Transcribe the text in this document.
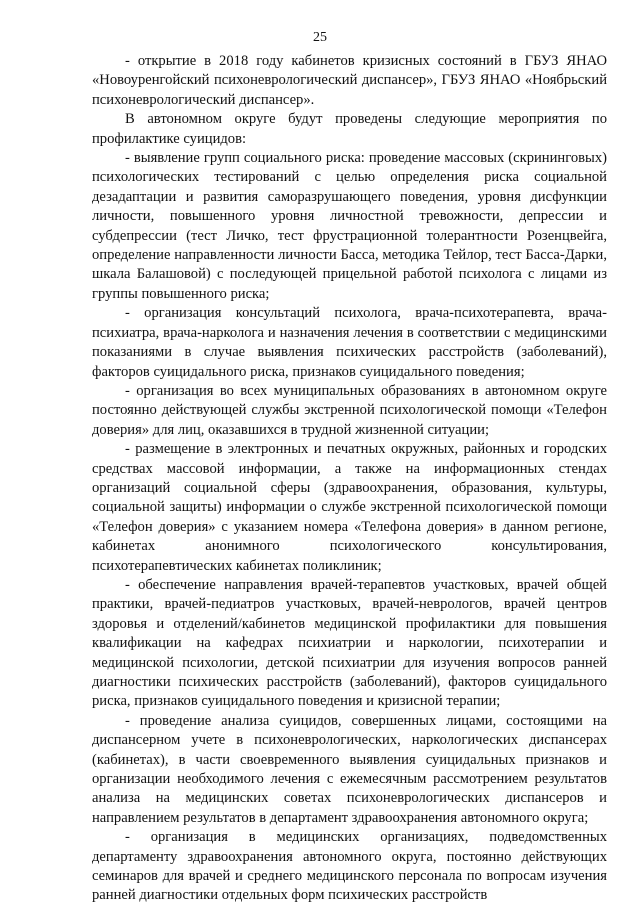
25

- открытие в 2018 году кабинетов кризисных состояний в ГБУЗ ЯНАО «Новоуренгойский психоневрологический диспансер», ГБУЗ ЯНАО «Ноябрьский психоневрологический диспансер».

В автономном округе будут проведены следующие мероприятия по профилактике суицидов:

- выявление групп социального риска: проведение массовых (скрининговых) психологических тестирований с целью определения риска социальной дезадаптации и развития саморазрушающего поведения, уровня дисфункции личности, повышенного уровня личностной тревожности, депрессии и субдепрессии (тест Личко, тест фрустрационной толерантности Розенцвейга, определение направленности личности Басса, методика Тейлор, тест Басса-Дарки, шкала Балашовой) с последующей прицельной работой психолога с лицами из группы повышенного риска;

- организация консультаций психолога, врача-психотерапевта, врача-психиатра, врача-нарколога и назначения лечения в соответствии с медицинскими показаниями в случае выявления психических расстройств (заболеваний), факторов суицидального риска, признаков суицидального поведения;

- организация во всех муниципальных образованиях в автономном округе постоянно действующей службы экстренной психологической помощи «Телефон доверия» для лиц, оказавшихся в трудной жизненной ситуации;

- размещение в электронных и печатных окружных, районных и городских средствах массовой информации, а также на информационных стендах организаций социальной сферы (здравоохранения, образования, культуры, социальной защиты) информации о службе экстренной психологической помощи «Телефон доверия» с указанием номера «Телефона доверия» в данном регионе, кабинетах анонимного психологического консультирования, психотерапевтических кабинетах поликлиник;

- обеспечение направления врачей-терапевтов участковых, врачей общей практики, врачей-педиатров участковых, врачей-неврологов, врачей центров здоровья и отделений/кабинетов медицинской профилактики для повышения квалификации на кафедрах психиатрии и наркологии, психотерапии и медицинской психологии, детской психиатрии для изучения вопросов ранней диагностики психических расстройств (заболеваний), факторов суицидального риска, признаков суицидального поведения и кризисной терапии;

- проведение анализа суицидов, совершенных лицами, состоящими на диспансерном учете в психоневрологических, наркологических диспансерах (кабинетах), в части своевременного выявления суицидальных признаков и организации необходимого лечения с ежемесячным рассмотрением результатов анализа на медицинских советах психоневрологических диспансеров и направлением результатов в департамент здравоохранения автономного округа;

- организация в медицинских организациях, подведомственных департаменту здравоохранения автономного округа, постоянно действующих семинаров для врачей и среднего медицинского персонала по вопросам изучения ранней диагностики отдельных форм психических расстройств
